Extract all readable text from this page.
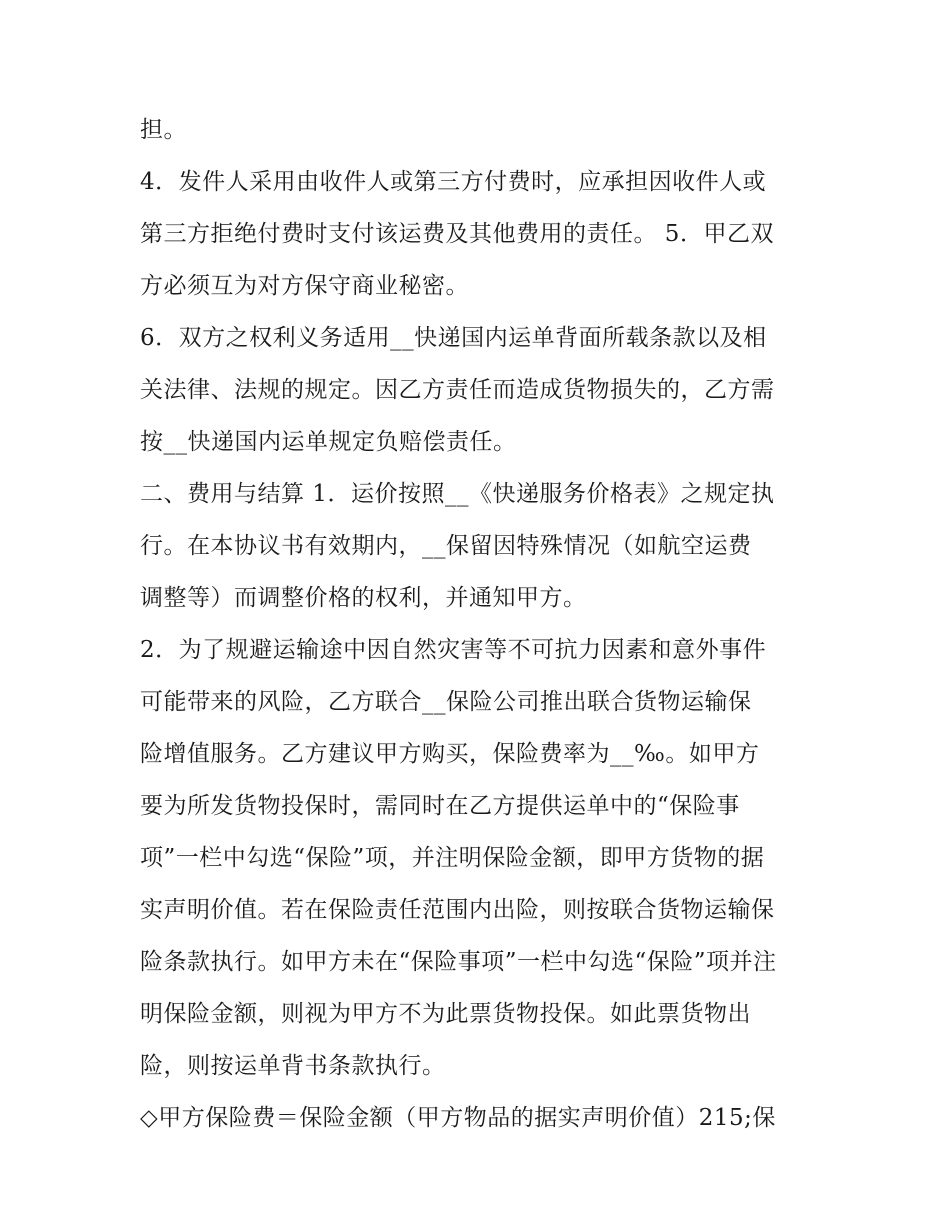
担。
4．发件人采用由收件人或第三方付费时，应承担因收件人或
第三方拒绝付费时支付该运费及其他费用的责任。 5．甲乙双
方必须互为对方保守商业秘密。
6．双方之权利义务适用__快递国内运单背面所载条款以及相
关法律、法规的规定。因乙方责任而造成货物损失的，乙方需
按__快递国内运单规定负赔偿责任。
二、费用与结算 1．运价按照__《快递服务价格表》之规定执
行。在本协议书有效期内，__保留因特殊情况（如航空运费
调整等）而调整价格的权利，并通知甲方。
2．为了规避运输途中因自然灾害等不可抗力因素和意外事件
可能带来的风险，乙方联合__保险公司推出联合货物运输保
险增值服务。乙方建议甲方购买，保险费率为__‰。如甲方
要为所发货物投保时，需同时在乙方提供运单中的“保险事
项”一栏中勾选“保险”项，并注明保险金额，即甲方货物的据
实声明价值。若在保险责任范围内出险，则按联合货物运输保
险条款执行。如甲方未在“保险事项”一栏中勾选“保险”项并注
明保险金额，则视为甲方不为此票货物投保。如此票货物出
险，则按运单背书条款执行。
◇甲方保险费＝保险金额（甲方物品的据实声明价值）215;保
